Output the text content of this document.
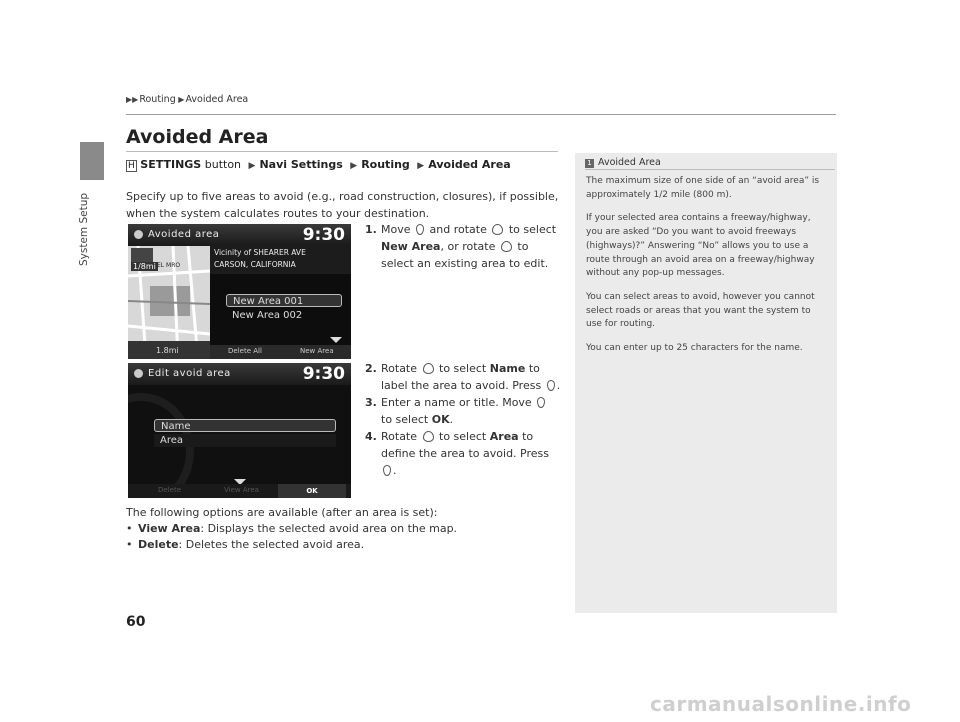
System Setup
▶▶Routing ▶Avoided Area
Avoided Area
H SETTINGS button ▶ Navi Settings ▶ Routing ▶ Avoided Area
Specify up to five areas to avoid (e.g., road construction, closures), if possible, when the system calculates routes to your destination.
Avoided area	9:30
1/8mi EL MRO
1.8mi
Vicinity of SHEARER AVE
CARSON, CALIFORNIA
New Area 001
New Area 002
Delete All	New Area
1. Move and rotate to select New Area, or rotate to select an existing area to edit.
Edit avoid area	9:30
Name
Area
Delete	View Area	OK
2. Rotate to select Name to label the area to avoid. Press .
3. Enter a name or title. Move  to select OK.
4. Rotate to select Area to define the area to avoid. Press .
The following options are available (after an area is set):
• View Area: Displays the selected avoid area on the map.
• Delete: Deletes the selected avoid area.
1 Avoided Area

The maximum size of one side of an “avoid area” is approximately 1/2 mile (800 m).

If your selected area contains a freeway/highway, you are asked “Do you want to avoid freeways (highways)?” Answering “No” allows you to use a route through an avoid area on a freeway/highway without any pop-up messages.

You can select areas to avoid, however you cannot select roads or areas that you want the system to use for routing.

You can enter up to 25 characters for the name.

60
carmanualsonline.info
